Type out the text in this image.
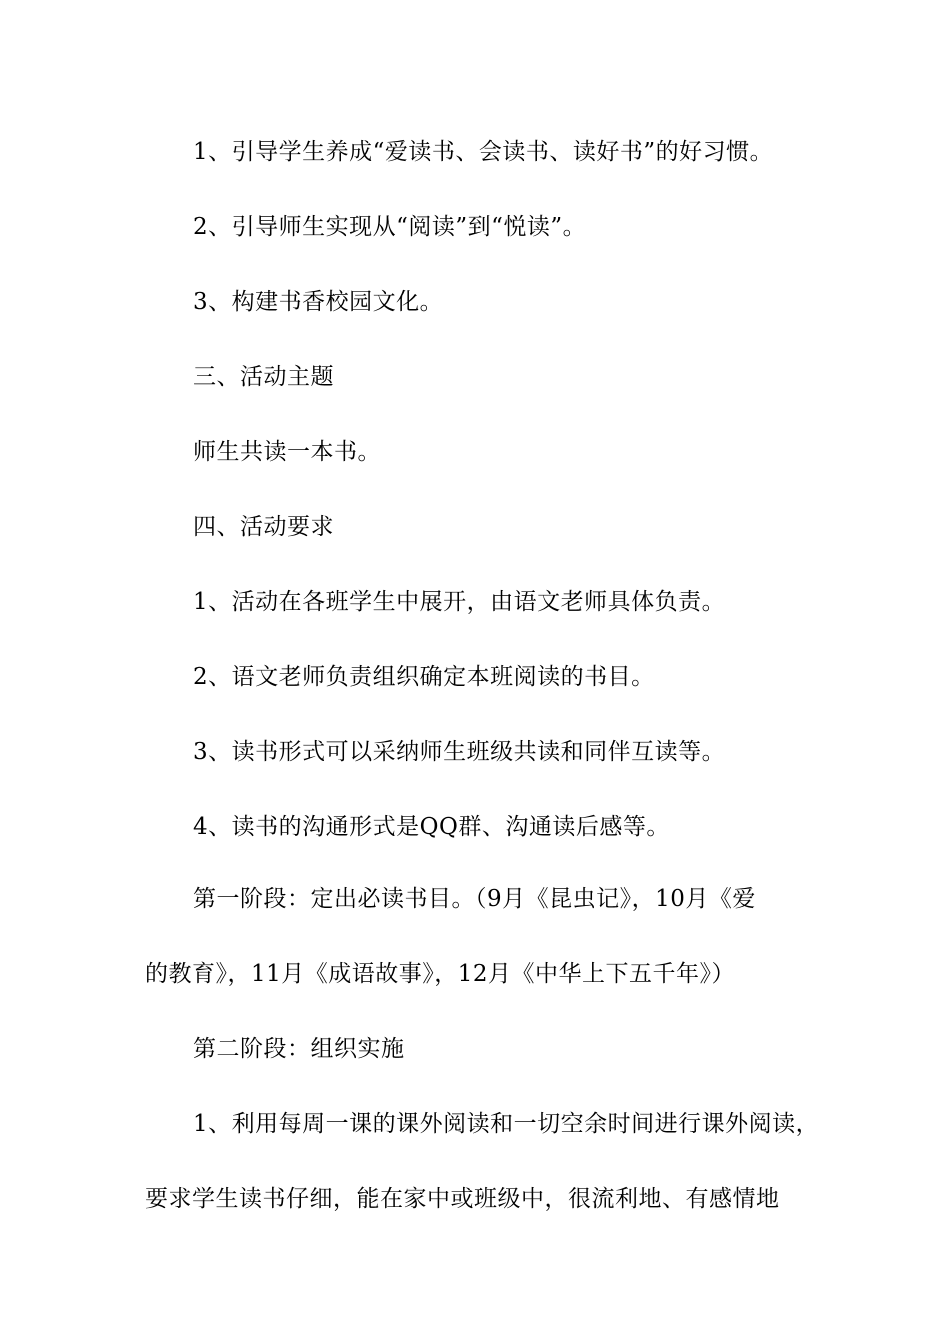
1、引导学生养成“爱读书、会读书、读好书”的好习惯。
2、引导师生实现从“阅读”到“悦读”。
3、构建书香校园文化。
三、活动主题
师生共读一本书。
四、活动要求
1、活动在各班学生中展开，由语文老师具体负责。
2、语文老师负责组织确定本班阅读的书目。
3、读书形式可以采纳师生班级共读和同伴互读等。
4、读书的沟通形式是QQ群、沟通读后感等。
第一阶段：定出必读书目。（9月《昆虫记》，10月《爱
的教育》，11月《成语故事》，12月《中华上下五千年》）
第二阶段：组织实施
1、利用每周一课的课外阅读和一切空余时间进行课外阅读，
要求学生读书仔细，能在家中或班级中，很流利地、有感情地
